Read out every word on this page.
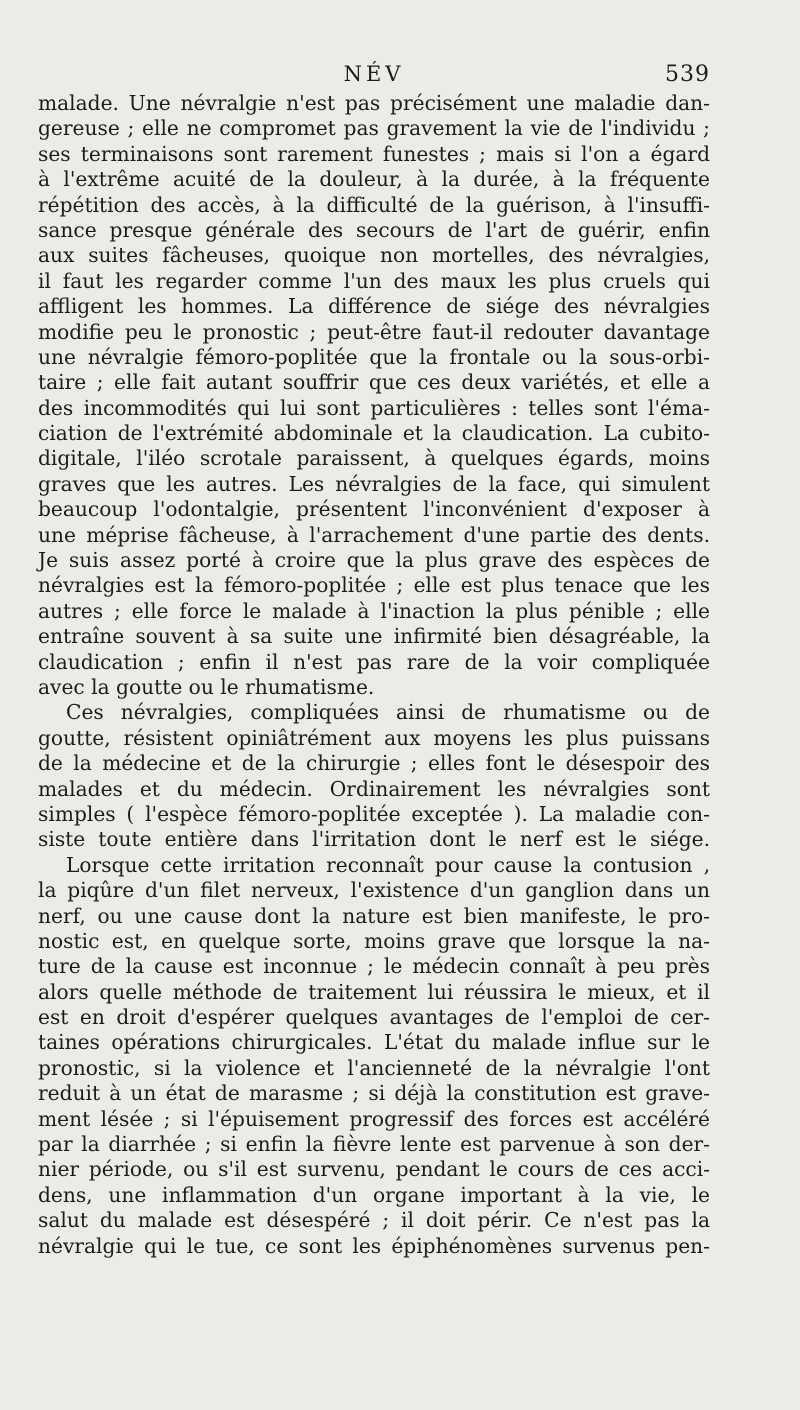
NÉV	539
malade. Une névralgie n'est pas précisément une maladie dan-
gereuse ; elle ne compromet pas gravement la vie de l'individu ;
ses terminaisons sont rarement funestes ; mais si l'on a égard
à l'extrême acuité de la douleur, à la durée, à la fréquente
répétition des accès, à la difficulté de la guérison, à l'insuffi-
sance presque générale des secours de l'art de guérir, enfin
aux suites fâcheuses, quoique non mortelles, des névralgies,
il faut les regarder comme l'un des maux les plus cruels qui
affligent les hommes. La différence de siége des névralgies
modifie peu le pronostic ; peut-être faut-il redouter davantage
une névralgie fémoro-poplitée que la frontale ou la sous-orbi-
taire ; elle fait autant souffrir que ces deux variétés, et elle a
des incommodités qui lui sont particulières : telles sont l'éma-
ciation de l'extrémité abdominale et la claudication. La cubito-
digitale, l'iléo scrotale paraissent, à quelques égards, moins
graves que les autres. Les névralgies de la face, qui simulent
beaucoup l'odontalgie, présentent l'inconvénient d'exposer à
une méprise fâcheuse, à l'arrachement d'une partie des dents.
Je suis assez porté à croire que la plus grave des espèces de
névralgies est la fémoro-poplitée ; elle est plus tenace que les
autres ; elle force le malade à l'inaction la plus pénible ; elle
entraîne souvent à sa suite une infirmité bien désagréable, la
claudication ; enfin il n'est pas rare de la voir compliquée
avec la goutte ou le rhumatisme.
Ces névralgies, compliquées ainsi de rhumatisme ou de
goutte, résistent opiniâtrément aux moyens les plus puissans
de la médecine et de la chirurgie ; elles font le désespoir des
malades et du médecin. Ordinairement les névralgies sont
simples ( l'espèce fémoro-poplitée exceptée ). La maladie con-
siste toute entière dans l'irritation dont le nerf est le siége.
Lorsque cette irritation reconnaît pour cause la contusion ,
la piqûre d'un filet nerveux, l'existence d'un ganglion dans un
nerf, ou une cause dont la nature est bien manifeste, le pro-
nostic est, en quelque sorte, moins grave que lorsque la na-
ture de la cause est inconnue ; le médecin connaît à peu près
alors quelle méthode de traitement lui réussira le mieux, et il
est en droit d'espérer quelques avantages de l'emploi de cer-
taines opérations chirurgicales. L'état du malade influe sur le
pronostic, si la violence et l'ancienneté de la névralgie l'ont
reduit à un état de marasme ; si déjà la constitution est grave-
ment lésée ; si l'épuisement progressif des forces est accéléré
par la diarrhée ; si enfin la fièvre lente est parvenue à son der-
nier période, ou s'il est survenu, pendant le cours de ces acci-
dens, une inflammation d'un organe important à la vie, le
salut du malade est désespéré ; il doit périr. Ce n'est pas la
névralgie qui le tue, ce sont les épiphénomènes survenus pen-
